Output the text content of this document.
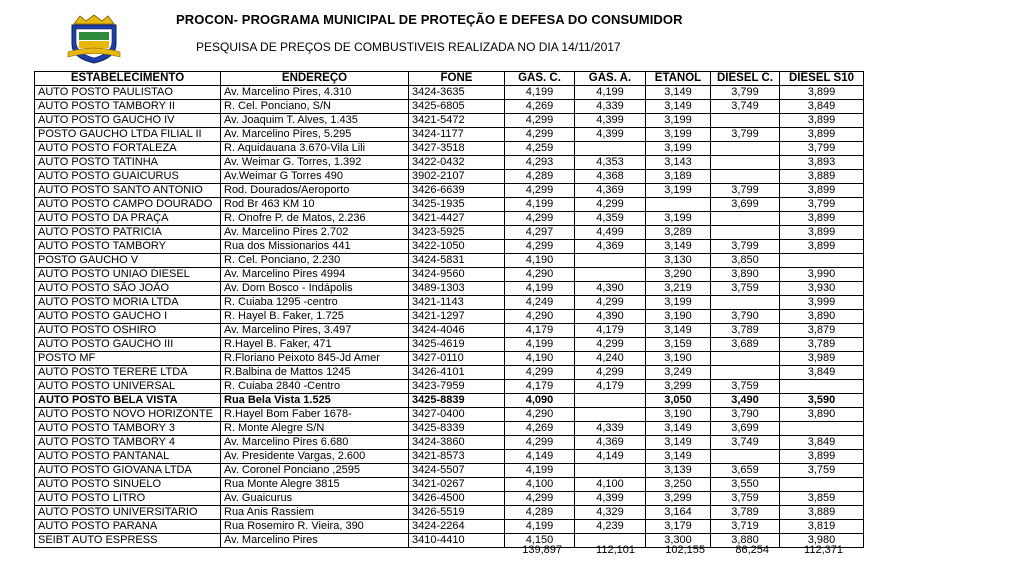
PROCON- PROGRAMA MUNICIPAL DE PROTEÇÃO E DEFESA DO CONSUMIDOR
PESQUISA DE PREÇOS DE COMBUSTIVEIS REALIZADA NO DIA 14/11/2017
ESTABELECIMENTO	ENDEREÇO	FONE	GAS. C.	GAS. A.	ETANOL	DIESEL C.	DIESEL S10
AUTO POSTO PAULISTAO	Av. Marcelino Pires, 4.310	3424-3635	4,199	4,199	3,149	3,799	3,899
AUTO POSTO TAMBORY II	R. Cel. Ponciano, S/N	3425-6805	4,269	4,339	3,149	3,749	3,849
AUTO POSTO GAUCHO IV	Av. Joaquim T. Alves, 1.435	3421-5472	4,299	4,399	3,199		3,899
POSTO GAUCHO LTDA FILIAL II	Av. Marcelino Pires, 5.295	3424-1177	4,299	4,399	3,199	3,799	3,899
AUTO POSTO FORTALEZA	R. Aquidauana 3.670-Vila Lili	3427-3518	4,259		3,199		3,799
AUTO POSTO TATINHA	Av. Weimar G. Torres, 1.392	3422-0432	4,293	4,353	3,143		3,893
AUTO POSTO GUAICURUS	Av.Weimar G Torres 490	3902-2107	4,289	4,368	3,189		3,889
AUTO POSTO SANTO ANTONIO	Rod. Dourados/Aeroporto	3426-6639	4,299	4,369	3,199	3,799	3,899
AUTO POSTO CAMPO DOURADO	Rod Br 463 KM 10	3425-1935	4,199	4,299		3,699	3,799
AUTO POSTO DA PRAÇA	R. Onofre P. de Matos, 2.236	3421-4427	4,299	4,359	3,199		3,899
AUTO POSTO PATRICIA	Av. Marcelino Pires 2.702	3423-5925	4,297	4,499	3,289		3,899
AUTO POSTO TAMBORY	Rua dos Missionarios 441	3422-1050	4,299	4,369	3,149	3,799	3,899
POSTO GAUCHO V	R. Cel. Ponciano, 2.230	3424-5831	4,190		3,130	3,850	
AUTO POSTO UNIAO DIESEL	Av. Marcelino Pires 4994	3424-9560	4,290		3,290	3,890	3,990
AUTO POSTO SÃO JOÃO	Av. Dom Bosco - Indápolis	3489-1303	4,199	4,390	3,219	3,759	3,930
AUTO POSTO MORIA LTDA	R. Cuiaba 1295 -centro	3421-1143	4,249	4,299	3,199		3,999
AUTO POSTO GAUCHO I	R. Hayel B. Faker, 1.725	3421-1297	4,290	4,390	3,190	3,790	3,890
AUTO POSTO OSHIRO	Av. Marcelino Pires, 3.497	3424-4046	4,179	4,179	3,149	3,789	3,879
AUTO POSTO GAUCHO III	R.Hayel B. Faker, 471	3425-4619	4,199	4,299	3,159	3,689	3,789
POSTO MF	R.Floriano Peixoto 845-Jd Amer	3427-0110	4,190	4,240	3,190		3,989
AUTO POSTO TERERE LTDA	R.Balbina de Mattos 1245	3426-4101	4,299	4,299	3,249		3,849
AUTO POSTO UNIVERSAL	R. Cuiaba 2840 -Centro	3423-7959	4,179	4,179	3,299	3,759	
AUTO POSTO BELA VISTA	Rua Bela Vista 1.525	3425-8839	4,090		3,050	3,490	3,590
AUTO POSTO NOVO HORIZONTE	R.Hayel Bom Faber 1678-	3427-0400	4,290		3,190	3,790	3,890
AUTO POSTO TAMBORY 3	R. Monte Alegre S/N	3425-8339	4,269	4,339	3,149	3,699	
AUTO POSTO TAMBORY 4	Av. Marcelino Pires 6.680	3424-3860	4,299	4,369	3,149	3,749	3,849
AUTO POSTO PANTANAL	Av. Presidente Vargas, 2.600	3421-8573	4,149	4,149	3,149		3,899
AUTO POSTO GIOVANA LTDA	Av. Coronel Ponciano ,2595	3424-5507	4,199		3,139	3,659	3,759
AUTO POSTO SINUELO	Rua Monte Alegre 3815	3421-0267	4,100	4,100	3,250	3,550	
AUTO POSTO LITRO	Av. Guaicurus	3426-4500	4,299	4,399	3,299	3,759	3,859
AUTO POSTO UNIVERSITARIO	Rua Anis Rassiem	3426-5519	4,289	4,329	3,164	3,789	3,889
AUTO POSTO PARANA	Rua Rosemiro R. Vieira, 390	3424-2264	4,199	4,239	3,179	3,719	3,819
SEIBT AUTO ESPRESS	Av. Marcelino Pires	3410-4410	4,150		3,300	3,880	3,980
139,897	112,101	102,155	86,254	112,371
